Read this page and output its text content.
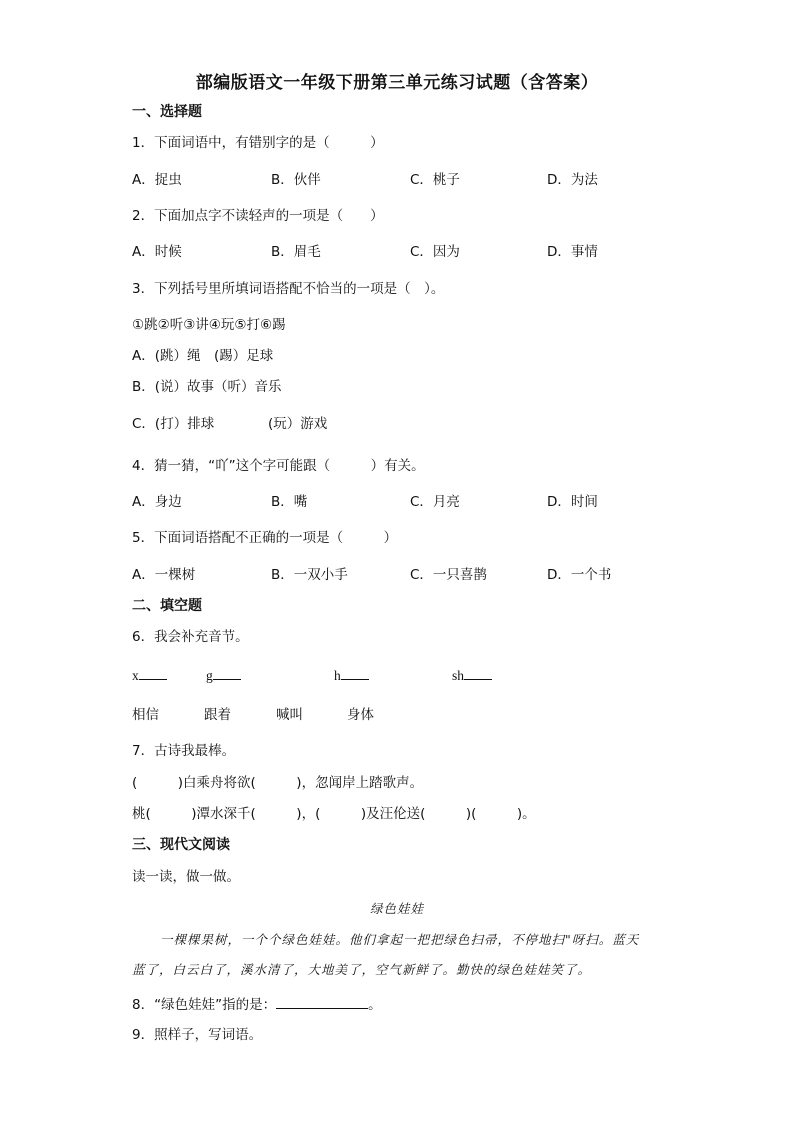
部编版语文一年级下册第三单元练习试题（含答案）
一、选择题
1．下面词语中，有错别字的是（　　　）
A．捉虫	B．伙伴	C．桃子	D．为法
2．下面加点字不读轻声的一项是（　　）
A．时候	B．眉毛	C．因为	D．事情
3．下列括号里所填词语搭配不恰当的一项是（　）。
①跳②听③讲④玩⑤打⑥踢
A．(跳）绳　(踢）足球
B．(说）故事（听）音乐
C．(打）排球	(玩）游戏
4．猜一猜，“吖”这个字可能跟（　　　）有关。
A．身边	B．嘴	C．月亮	D．时间
5．下面词语搭配不正确的一项是（　　　）
A．一棵树	B．一双小手	C．一只喜鹊	D．一个书
二、填空题
6．我会补充音节。
x	g	h	sh
相信	跟着	喊叫	身体
7．古诗我最棒。
(　　　)白乘舟将欲(　　　)，忽闻岸上踏歌声。
桃(　　　)潭水深千(　　　)，(　　　)及汪伦送(　　　)(　　　)。
三、现代文阅读
读一读，做一做。
绿色娃娃
一棵棵果树，一个个绿色娃娃。他们拿起一把把绿色扫帚，不停地扫"呀扫。蓝天
蓝了，白云白了，溪水清了，大地美了，空气新鲜了。勤快的绿色娃娃笑了。
8．“绿色娃娃”指的是：	。
9．照样子，写词语。
